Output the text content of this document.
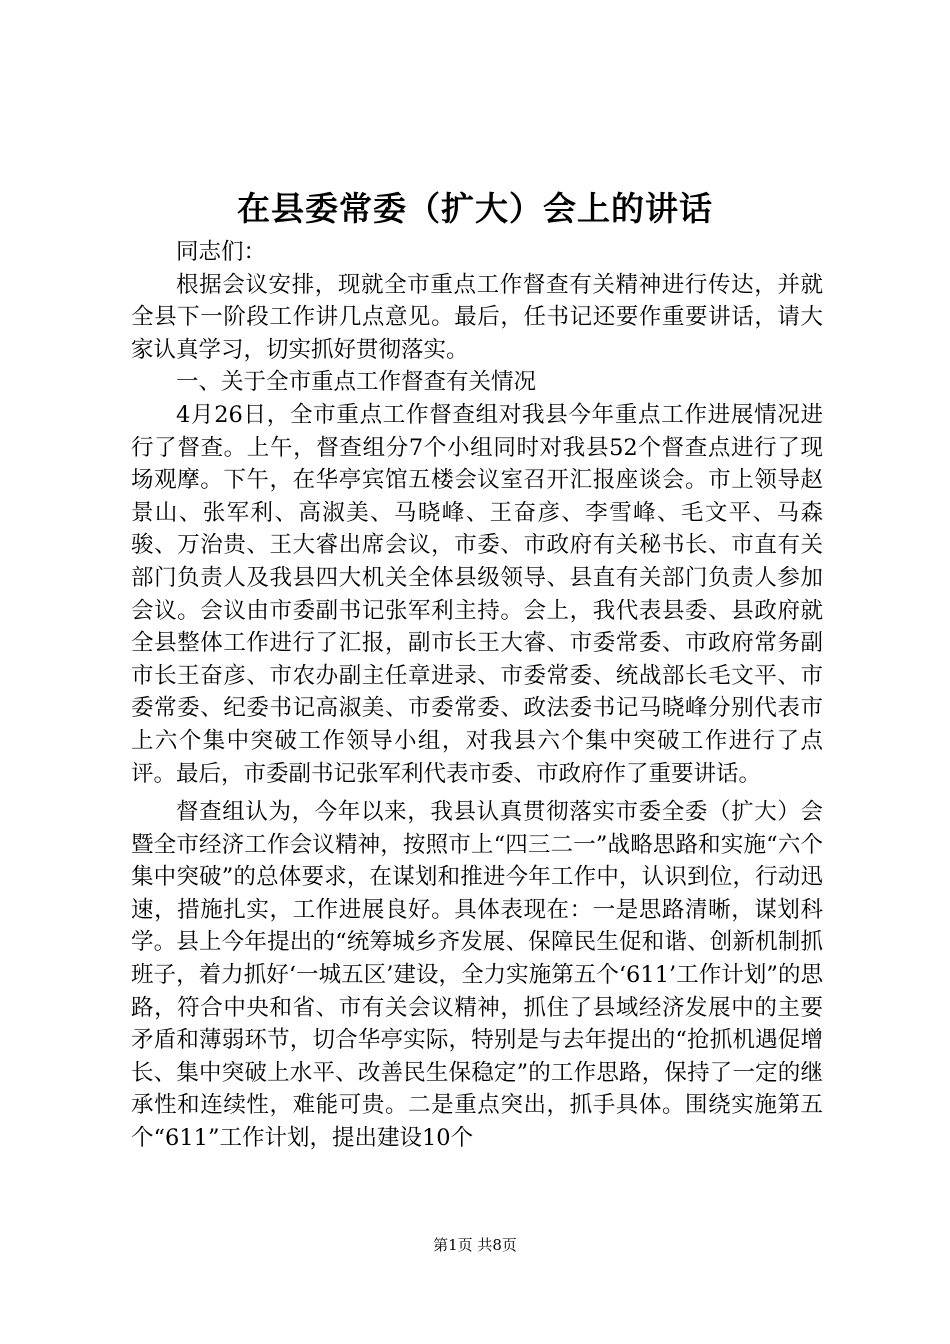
在县委常委（扩大）会上的讲话

同志们：

根据会议安排，现就全市重点工作督查有关精神进行传达，并就全县下一阶段工作讲几点意见。最后，任书记还要作重要讲话，请大家认真学习，切实抓好贯彻落实。

一、关于全市重点工作督查有关情况

4月26日，全市重点工作督查组对我县今年重点工作进展情况进行了督查。上午，督查组分7个小组同时对我县52个督查点进行了现场观摩。下午，在华亭宾馆五楼会议室召开汇报座谈会。市上领导赵景山、张军利、高淑美、马晓峰、王奋彦、李雪峰、毛文平、马森骏、万治贵、王大睿出席会议，市委、市政府有关秘书长、市直有关部门负责人及我县四大机关全体县级领导、县直有关部门负责人参加会议。会议由市委副书记张军利主持。会上，我代表县委、县政府就全县整体工作进行了汇报，副市长王大睿、市委常委、市政府常务副市长王奋彦、市农办副主任章进录、市委常委、统战部长毛文平、市委常委、纪委书记高淑美、市委常委、政法委书记马晓峰分别代表市上六个集中突破工作领导小组，对我县六个集中突破工作进行了点评。最后，市委副书记张军利代表市委、市政府作了重要讲话。

督查组认为，今年以来，我县认真贯彻落实市委全委（扩大）会暨全市经济工作会议精神，按照市上“四三二一”战略思路和实施“六个集中突破”的总体要求，在谋划和推进今年工作中，认识到位，行动迅速，措施扎实，工作进展良好。具体表现在：一是思路清晰，谋划科学。县上今年提出的“统筹城乡齐发展、保障民生促和谐、创新机制抓班子，着力抓好‘一城五区’建设，全力实施第五个‘611’工作计划”的思路，符合中央和省、市有关会议精神，抓住了县域经济发展中的主要矛盾和薄弱环节，切合华亭实际，特别是与去年提出的“抢抓机遇促增长、集中突破上水平、改善民生保稳定”的工作思路，保持了一定的继承性和连续性，难能可贵。二是重点突出，抓手具体。围绕实施第五个“611”工作计划，提出建设10个

第1页 共8页
